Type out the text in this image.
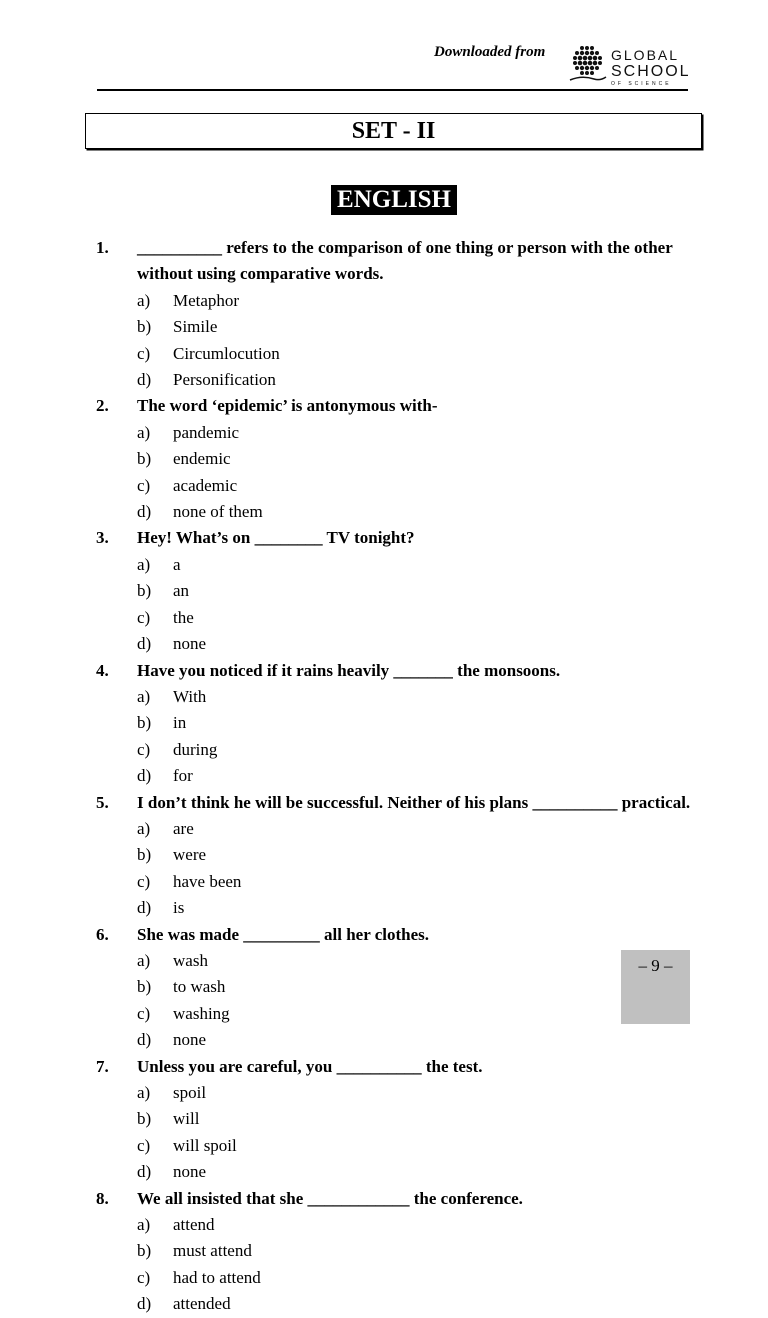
Downloaded from	GLOBAL
SCHOOL
OF SCIENCE
SET - II
ENGLISH
1. __________ refers to the comparison of one thing or person with the other without using comparative words.
a)	Metaphor
b)	Simile
c)	Circumlocution
d)	Personification
2. The word ‘epidemic’ is antonymous with-
a)	pandemic
b)	endemic
c)	academic
d)	none of them
3. Hey! What’s on ________ TV tonight?
a)	a
b)	an
c)	the
d)	none
4. Have you noticed if it rains heavily _______ the monsoons.
a)	With
b)	in
c)	during
d)	for
5. I don’t think he will be successful. Neither of his plans __________ practical.
a)	are
b)	were
c)	have been
d)	is
6. She was made _________ all her clothes.
a)	wash
b)	to wash
c)	washing
d)	none
7. Unless you are careful, you __________ the test.
a)	spoil
b)	will
c)	will spoil
d)	none
8. We all insisted that she ____________ the conference.
a)	attend
b)	must attend
c)	had to attend
d)	attended
– 9 –
